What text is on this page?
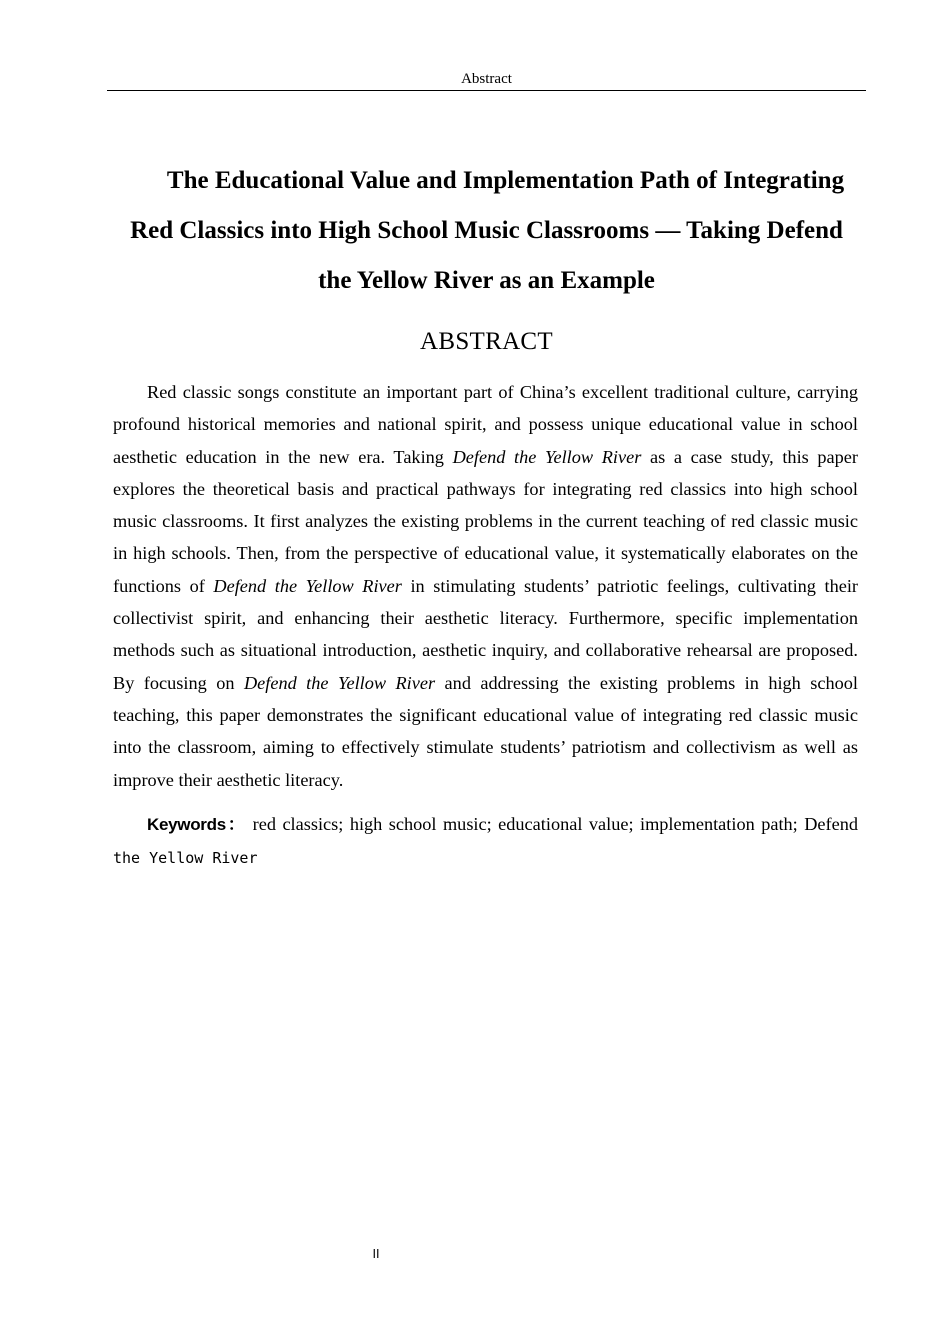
Abstract
The Educational Value and Implementation Path of Integrating
Red Classics into High School Music Classrooms — Taking Defend
the Yellow River as an Example
ABSTRACT

Red classic songs constitute an important part of China’s excellent traditional culture, carrying profound historical memories and national spirit, and possess unique educational value in school aesthetic education in the new era. Taking Defend the Yellow River as a case study, this paper explores the theoretical basis and practical pathways for integrating red classics into high school music classrooms. It first analyzes the existing problems in the current teaching of red classic music in high schools. Then, from the perspective of educational value, it systematically elaborates on the functions of Defend the Yellow River in stimulating students’ patriotic feelings, cultivating their collectivist spirit, and enhancing their aesthetic literacy. Furthermore, specific implementation methods such as situational introduction, aesthetic inquiry, and collaborative rehearsal are proposed. By focusing on Defend the Yellow River and addressing the existing problems in high school teaching, this paper demonstrates the significant educational value of integrating red classic music into the classroom, aiming to effectively stimulate students’ patriotism and collectivism as well as improve their aesthetic literacy.

Keywords： red classics; high school music; educational value; implementation path; Defend the Yellow River

II
